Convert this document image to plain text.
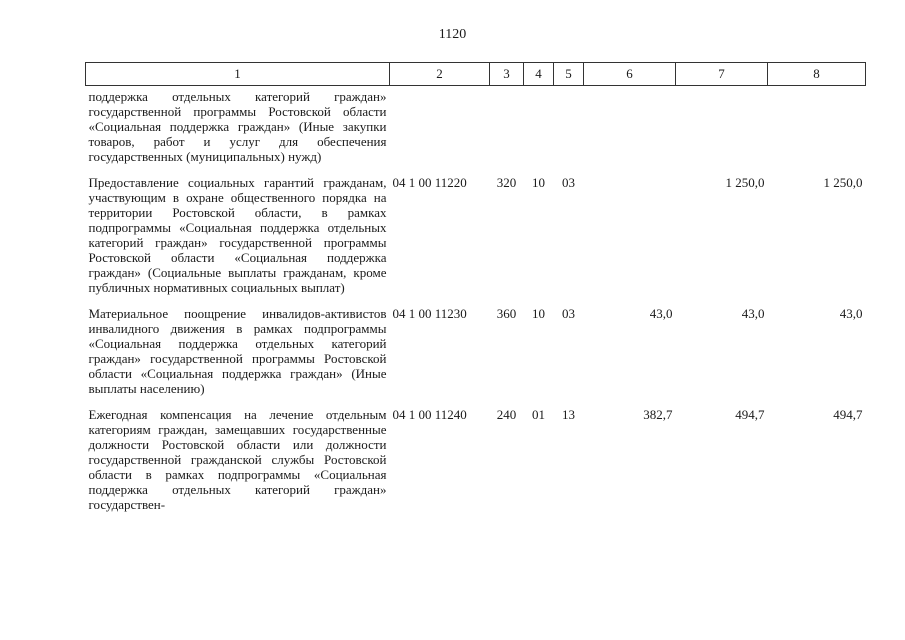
1120
1	2	3	4	5	6	7	8
поддержка отдельных категорий граждан» государственной программы Ростовской области «Социальная поддержка граждан» (Иные закупки товаров, работ и услуг для обеспечения государственных (муниципальных) нужд)							
Предоставление социальных гарантий гражданам, участвующим в охране общественного порядка на территории Ростовской области, в рамках подпрограммы «Социальная поддержка отдельных категорий граждан» государственной программы Ростовской области «Социальная поддержка граждан» (Социальные выплаты гражданам, кроме публичных нормативных социальных выплат)	04 1 00 11220	320	10	03		1 250,0	1 250,0
Материальное поощрение инвалидов-активистов инвалидного движения в рамках подпрограммы «Социальная поддержка отдельных категорий граждан» государственной программы Ростовской области «Социальная поддержка граждан» (Иные выплаты населению)	04 1 00 11230	360	10	03	43,0	43,0	43,0
Ежегодная компенсация на лечение отдельным категориям граждан, замещавших государственные должности Ростовской области или должности государственной гражданской службы Ростовской области в рамках подпрограммы «Социальная поддержка отдельных категорий граждан» государствен-	04 1 00 11240	240	01	13	382,7	494,7	494,7
